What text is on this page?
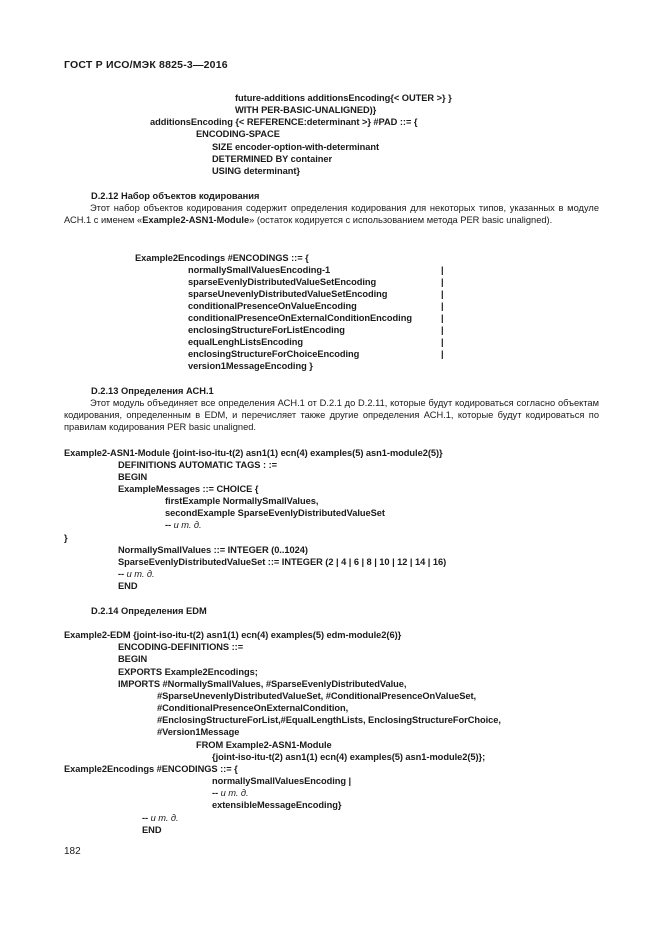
ГОСТ Р ИСО/МЭК 8825-3—2016
future-additions additionsEncoding{< OUTER >} }
WITH PER-BASIC-UNALIGNED)}
additionsEncoding {< REFERENCE:determinant >} #PAD ::= {
ENCODING-SPACE
SIZE encoder-option-with-determinant
DETERMINED BY container
USING determinant}
D.2.12 Набор объектов кодирования

Этот набор объектов кодирования содержит определения кодирования для некоторых типов, указанных в модуле АСН.1 с именем «Example2-ASN1-Module» (остаток кодируется с использованием метода PER basic unaligned).

Example2Encodings #ENCODINGS ::= {
normallySmallValuesEncoding-1
sparseEvenlyDistributedValueSetEncoding
sparseUnevenlyDistributedValueSetEncoding
conditionalPresenceOnValueEncoding
conditionalPresenceOnExternalConditionEncoding
enclosingStructureForListEncoding
equalLenghListsEncoding
enclosingStructureForChoiceEncoding
version1MessageEncoding }
|
|
|
|
|
|
|
|
D.2.13 Определения АСН.1

Этот модуль объединяет все определения АСН.1 от D.2.1 до D.2.11, которые будут кодироваться согласно объектам кодирования, определенным в EDM, и перечисляет также другие определения АСН.1, которые будут кодироваться по правилам кодирования PER basic unaligned.

Example2-ASN1-Module {joint-iso-itu-t(2) asn1(1) ecn(4) examples(5) asn1-module2(5)}
DEFINITIONS AUTOMATIC TAGS : :=
BEGIN
ExampleMessages ::= CHOICE {
firstExample NormallySmallValues,
secondExample SparseEvenlyDistributedValueSet
-- и т. д.
}
NormallySmallValues ::= INTEGER (0..1024)
SparseEvenlyDistributedValueSet ::= INTEGER (2 | 4 | 6 | 8 | 10 | 12 | 14 | 16)
-- и т. д.
END
D.2.14 Определения EDM
Example2-EDM {joint-iso-itu-t(2) asn1(1) ecn(4) examples(5) edm-module2(6)}
ENCODING-DEFINITIONS ::=
BEGIN
EXPORTS Example2Encodings;
IMPORTS #NormallySmallValues, #SparseEvenlyDistributedValue,
#SparseUnevenlyDistributedValueSet, #ConditionalPresenceOnValueSet,
#ConditionalPresenceOnExternalCondition,
#EnclosingStructureForList,#EqualLengthLists, EnclosingStructureForChoice,
#Version1Message
FROM Example2-ASN1-Module
{joint-iso-itu-t(2) asn1(1) ecn(4) examples(5) asn1-module2(5)};
Example2Encodings #ENCODINGS ::= {
normallySmallValuesEncoding |
-- и т. д.
extensibleMessageEncoding}
-- и т. д.
END
182
